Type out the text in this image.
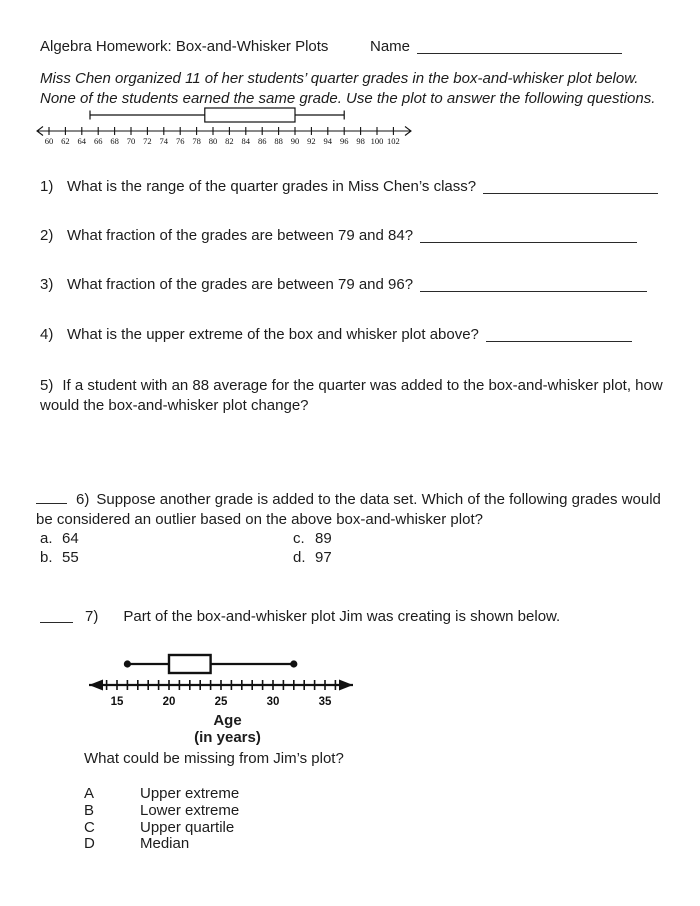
Algebra Homework: Box-and-Whisker Plots	Name
Miss Chen organized 11 of her students’ quarter grades in the box-and-whisker plot below. None of the students earned the same grade. Use the plot to answer the following questions.
60 62 64 66 68 70 72 74 76 78 80 82 84 86 88 90 92 94 96 98 100 102
1) What is the range of the quarter grades in Miss Chen’s class?
2) What fraction of the grades are between 79 and 84?
3) What fraction of the grades are between 79 and 96?
4) What is the upper extreme of the box and whisker plot above?
5) If a student with an 88 average for the quarter was added to the box-and-whisker plot, how would the box-and-whisker plot change?
6) Suppose another grade is added to the data set. Which of the following grades would be considered an outlier based on the above box-and-whisker plot?
a. 64	c. 89
b. 55	d. 97
7) Part of the box-and-whisker plot Jim was creating is shown below.
15	20	25	30	35
Age
(in years)
What could be missing from Jim’s plot?
A	Upper extreme
B	Lower extreme
C	Upper quartile
D	Median
